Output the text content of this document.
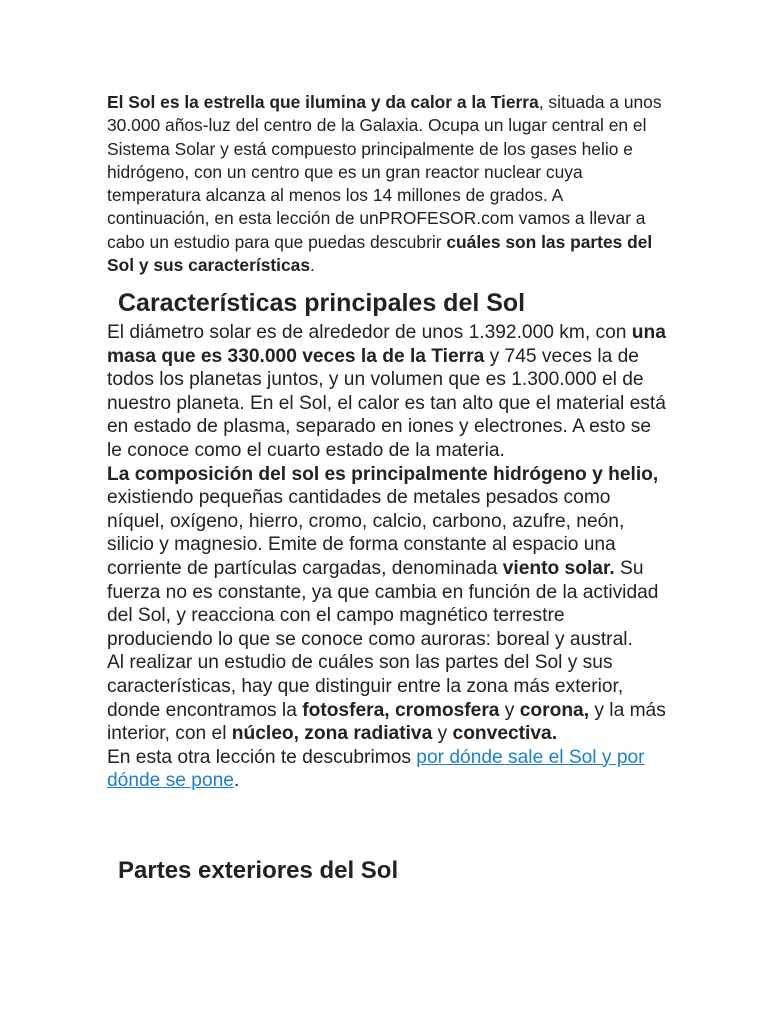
El Sol es la estrella que ilumina y da calor a la Tierra, situada a unos 30.000 años-luz del centro de la Galaxia. Ocupa un lugar central en el Sistema Solar y está compuesto principalmente de los gases helio e hidrógeno, con un centro que es un gran reactor nuclear cuya temperatura alcanza al menos los 14 millones de grados. A continuación, en esta lección de unPROFESOR.com vamos a llevar a cabo un estudio para que puedas descubrir cuáles son las partes del Sol y sus características.

Características principales del Sol

El diámetro solar es de alrededor de unos 1.392.000 km, con una masa que es 330.000 veces la de la Tierra y 745 veces la de todos los planetas juntos, y un volumen que es 1.300.000 el de nuestro planeta. En el Sol, el calor es tan alto que el material está en estado de plasma, separado en iones y electrones. A esto se le conoce como el cuarto estado de la materia.

La composición del sol es principalmente hidrógeno y helio, existiendo pequeñas cantidades de metales pesados como níquel, oxígeno, hierro, cromo, calcio, carbono, azufre, neón, silicio y magnesio. Emite de forma constante al espacio una corriente de partículas cargadas, denominada viento solar. Su fuerza no es constante, ya que cambia en función de la actividad del Sol, y reacciona con el campo magnético terrestre produciendo lo que se conoce como auroras: boreal y austral.

Al realizar un estudio de cuáles son las partes del Sol y sus características, hay que distinguir entre la zona más exterior, donde encontramos la fotosfera, cromosfera y corona, y la más interior, con el núcleo, zona radiativa y convectiva.

En esta otra lección te descubrimos por dónde sale el Sol y por dónde se pone.

Partes exteriores del Sol
